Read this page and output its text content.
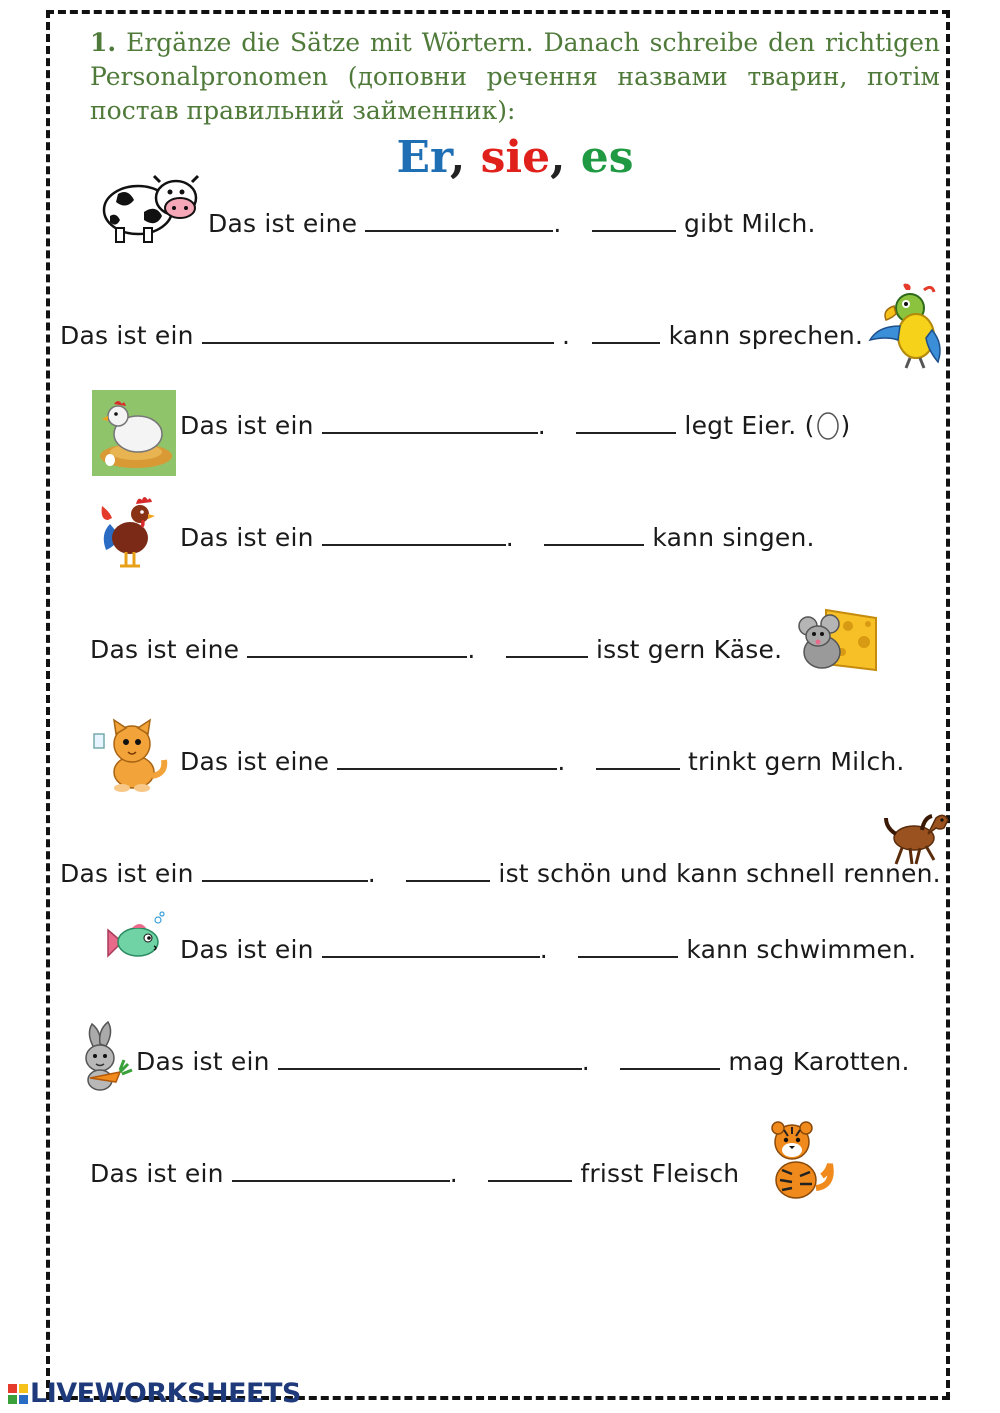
1. Ergänze die Sätze mit Wörtern. Danach schreibe den richtigen Personalpronomen (доповни речення назвами тварин, потім постав правильний займенник):
Er, sie, es
Das ist eine	.	gibt Milch.
Das ist ein	.	kann sprechen.
Das ist ein	.	legt Eier. ( )
Das ist ein	.	kann singen.
Das ist eine	.	isst gern Käse.
Das ist eine	.	trinkt gern Milch.
Das ist ein	.	ist schön und kann schnell rennen.
Das ist ein	.	kann schwimmen.
Das ist ein	.	mag Karotten.
Das ist ein	.	frisst Fleisch
LIVEWORKSHEETS
